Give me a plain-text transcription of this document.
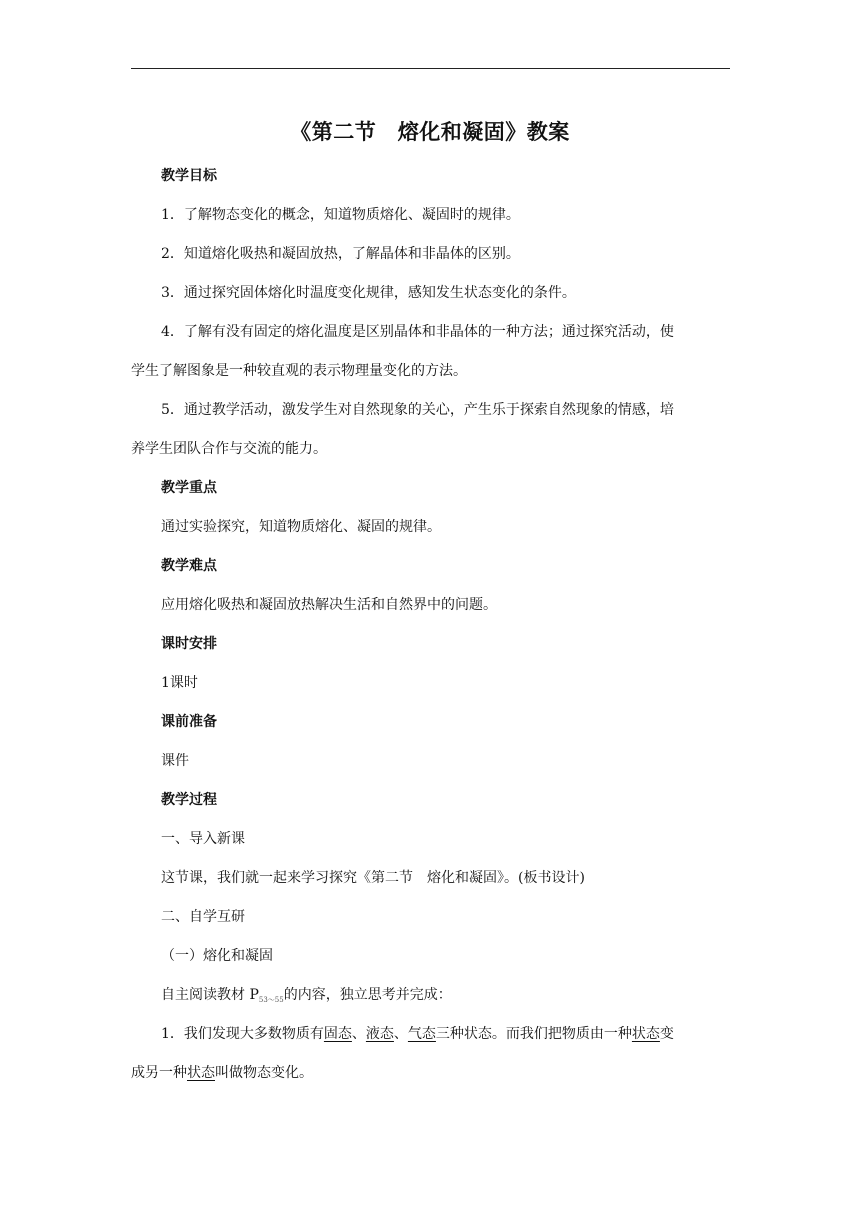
《第二节　熔化和凝固》教案
教学目标
1．了解物态变化的概念，知道物质熔化、凝固时的规律。
2．知道熔化吸热和凝固放热，了解晶体和非晶体的区别。
3．通过探究固体熔化时温度变化规律，感知发生状态变化的条件。
4．了解有没有固定的熔化温度是区别晶体和非晶体的一种方法；通过探究活动，使
学生了解图象是一种较直观的表示物理量变化的方法。
5．通过教学活动，激发学生对自然现象的关心，产生乐于探索自然现象的情感，培
养学生团队合作与交流的能力。
教学重点
通过实验探究，知道物质熔化、凝固的规律。
教学难点
应用熔化吸热和凝固放热解决生活和自然界中的问题。
课时安排
1课时
课前准备
课件
教学过程
一、导入新课
这节课，我们就一起来学习探究《第二节　熔化和凝固》。(板书设计)
二、自学互研
（一）熔化和凝固
自主阅读教材 $P_{53\sim 55}$的内容，独立思考并完成：
1．我们发现大多数物质有固态、液态、气态三种状态。而我们把物质由一种状态变
成另一种状态叫做物态变化。
